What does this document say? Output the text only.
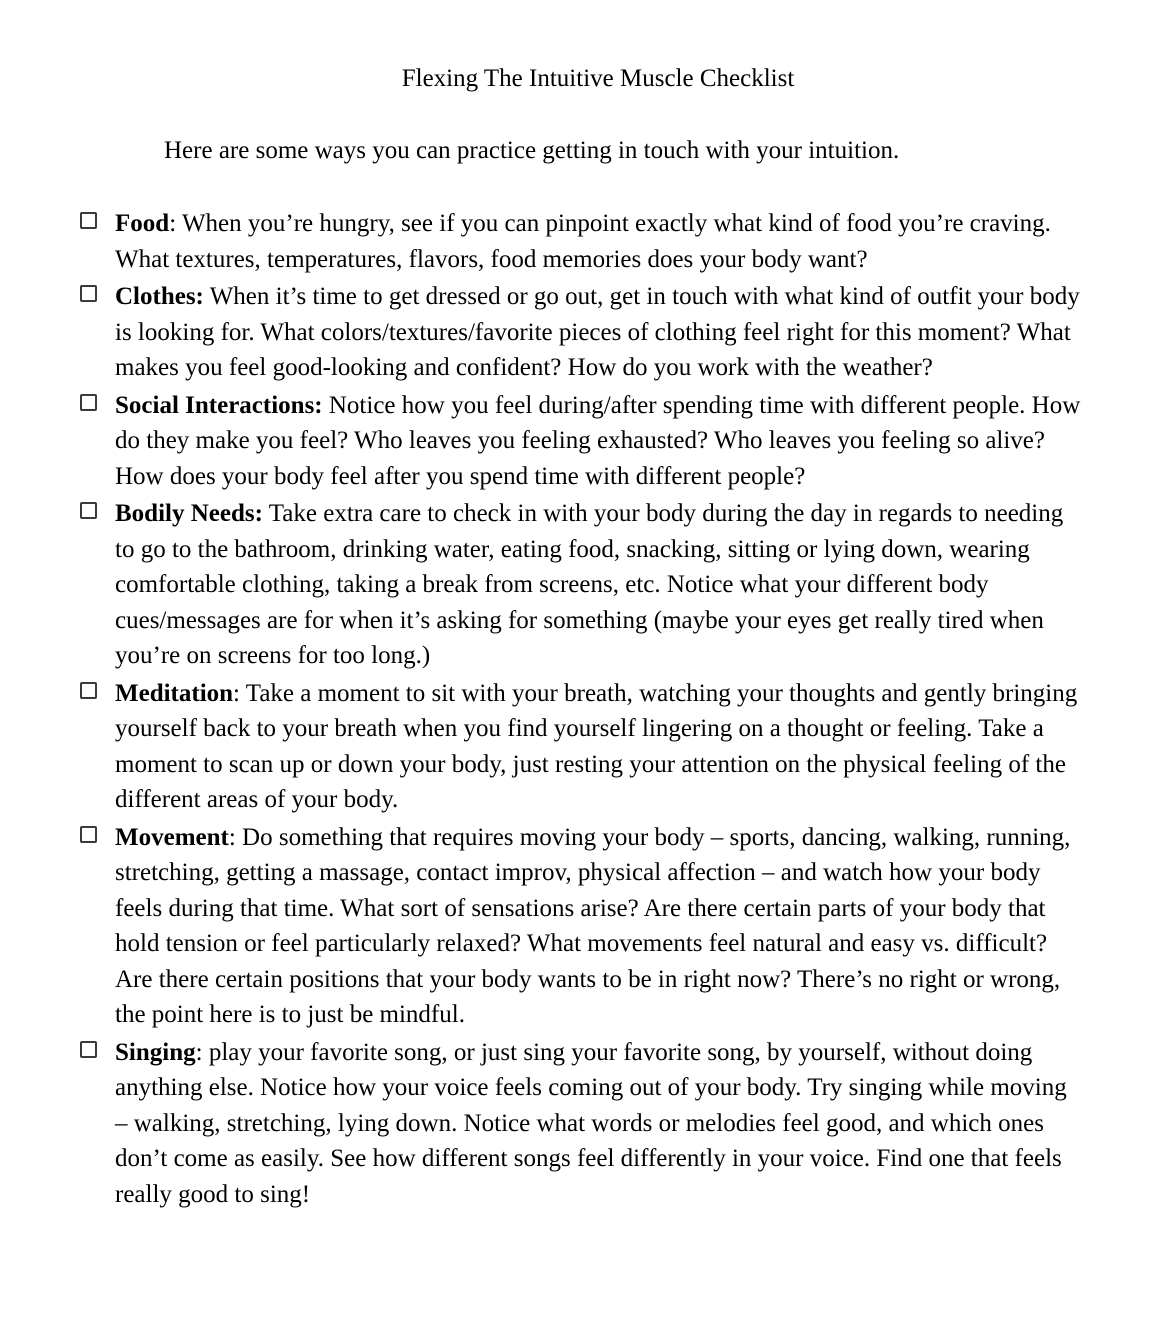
Flexing The Intuitive Muscle Checklist
Here are some ways you can practice getting in touch with your intuition.
Food: When you’re hungry, see if you can pinpoint exactly what kind of food you’re craving. What textures, temperatures, flavors, food memories does your body want?
Clothes: When it’s time to get dressed or go out, get in touch with what kind of outfit your body is looking for. What colors/textures/favorite pieces of clothing feel right for this moment? What makes you feel good-looking and confident? How do you work with the weather?
Social Interactions: Notice how you feel during/after spending time with different people. How do they make you feel? Who leaves you feeling exhausted? Who leaves you feeling so alive? How does your body feel after you spend time with different people?
Bodily Needs: Take extra care to check in with your body during the day in regards to needing to go to the bathroom, drinking water, eating food, snacking, sitting or lying down, wearing comfortable clothing, taking a break from screens, etc. Notice what your different body cues/messages are for when it’s asking for something (maybe your eyes get really tired when you’re on screens for too long.)
Meditation: Take a moment to sit with your breath, watching your thoughts and gently bringing yourself back to your breath when you find yourself lingering on a thought or feeling. Take a moment to scan up or down your body, just resting your attention on the physical feeling of the different areas of your body.
Movement: Do something that requires moving your body – sports, dancing, walking, running, stretching, getting a massage, contact improv, physical affection – and watch how your body feels during that time. What sort of sensations arise? Are there certain parts of your body that hold tension or feel particularly relaxed? What movements feel natural and easy vs. difficult? Are there certain positions that your body wants to be in right now? There’s no right or wrong, the point here is to just be mindful.
Singing: play your favorite song, or just sing your favorite song, by yourself, without doing anything else. Notice how your voice feels coming out of your body. Try singing while moving – walking, stretching, lying down. Notice what words or melodies feel good, and which ones don’t come as easily. See how different songs feel differently in your voice. Find one that feels really good to sing!
